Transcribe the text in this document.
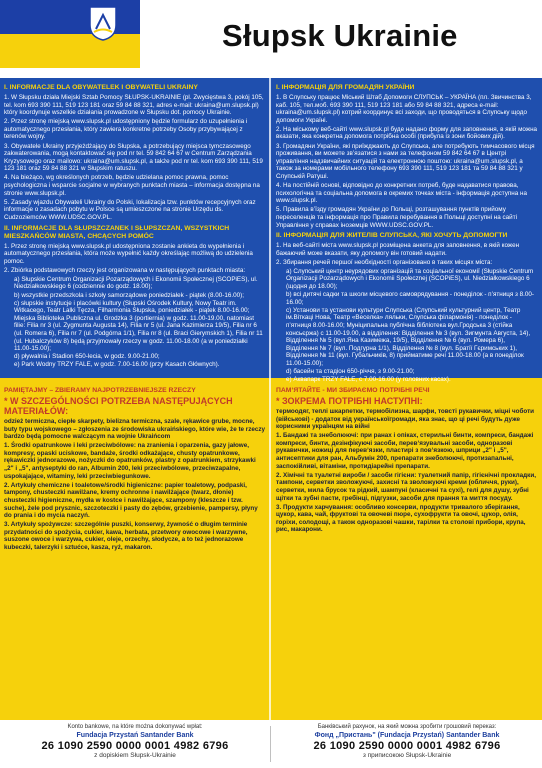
Słupsk Ukrainie
I. INFORMACJE DLA OBYWATELEK I OBYWATELI UKRAINY
1. W Słupsku działa Miejski Sztab Pomocy SŁUPSK-UKRAINIE (pl. Zwycięstwa 3, pokój 105, tel. kom 693 390 111, 519 123 181 oraz 59 84 88 321, adres e-mail: ukraina@um.slupsk.pl) który koordynuje wszelkie działania prowadzone w Słupsku dot. pomocy Ukrainie.
2. Przez stronę miejską www.slupsk.pl udostępniony będzie formularz do uzupełnienia i automatycznego przesłania, który zawiera konkretne potrzeby Osoby przybywającej z terenów wojny.
3. Obywatele Ukrainy przyjeżdżający do Słupska, a potrzebujący miejsca tymczasowego zakwaterowania, mogą kontaktować się pod nr tel. 59 842 64 67 w Centrum Zarządzania Kryzysowego oraz mailowo: ukraina@um.slupsk.pl, a także pod nr tel. kom 693 390 111, 519 123 181 oraz 59 84 88 321 w Słupskim ratuszu.
4. Na bieżąco, wg określonych potrzeb, będzie udzielana pomoc prawna, pomoc psychologiczna i wsparcie socjalne w wybranych punktach miasta – informacja dostępna na stronie www.slupsk.pl.
5. Zasady wjazdu Obywateli Ukrainy do Polski, lokalizacja tzw. punktów recepcyjnych oraz informacje o zasadach pobytu w Polsce są umieszczone na stronie Urzędu ds. Cudzoziemców WWW.UDSC.GOV.PL.
II. INFORMACJE DLA SŁUPSZCZANEK I SŁUPSZCZAN, WSZYSTKICH MIESZKAŃCÓW MIASTA, CHCĄCYCH POMÓC
1. Przez stronę miejską www.slupsk.pl udostępniona zostanie ankieta do wypełnienia i automatycznego przesłania, która może wypełnić każdy określając możliwą do udzielenia pomoc.
2. Zbiórka podstawowych rzeczy jest organizowana w następujących punktach miasta:
a) Słupskie Centrum Organizacji Pozarządowych i Ekonomii Społecznej (SCOPiES), ul. Niedziałkowskiego 6 (codziennie do godz. 18.00);
b) wszystkie przedszkola i szkoły samorządowe poniedziałek - piątek (8.00-16.00);
c) słupskie instytucje i placówki kultury (Słupski Ośrodek Kultury, Nowy Teatr im. Witkacego, Teatr Lalki Tęcza, Filharmonia Słupska, poniedziałek - piątek 8.00-16.00; Miejska Biblioteka Publiczna ul. Grodzka 3 (portiernia) w godz. 11.00-19.00, natomiast filie: Filia nr 3 (ul. Zygmunta Augusta 14), Filia nr 5 (ul. Jana Kazimierza 19/5), Filia nr 6 (ul. Romera 6), Filia nr 7 (ul. Podgórna 1/1), Filia nr 8 (ul. Braci Gierymskich 1), Filia nr 11 (ul. Hubalczyków 8) będą przyjmowały rzeczy w godz. 11.00-18.00 (a w poniedziałki 11.00-15.00);
d) pływalnia i Stadion 650-lecia, w godz. 9.00-21.00;
e) Park Wodny TRZY FALE, w godz. 7.00-16.00 (przy Kasach Głównych).
PAMIĘTAJMY – ZBIERAMY NAJPOTRZEBNIEJSZE RZECZY
* W SZCZEGÓLNOŚCI POTRZEBA NASTĘPUJĄCYCH MATERIAŁÓW:
odzież termiczna, ciepłe skarpety, bielizna termiczna, szale, rękawice grube, mocne, buty typu wojskowego – zgłoszenia ze środowiska ukraińskiego, które wie, że te rzeczy bardzo będą pomocne walczącym na wojnie Ukraińcom
1. Środki opatrunkowe i leki przeciwbólowe: na zranienia i oparzenia, gazy jałowe, kompresy, opaski uciskowe, bandaże, środki odkażające, chusty opatrunkowe, rękawiczki jednorazowe, nożyczki do opatrunków, plastry z opatrunkiem, strzykawki „2" i „5", antyseptyki do ran, Albumin 200, leki przeciwbólowe, przeciwzapalne, uspokajające, witaminy, leki przeciwbiegunkowe.
2. Artykuły chemiczne i toaletowe/środki higieniczne: papier toaletowy, podpaski, tampony, chusteczki nawilżane, kremy ochronne i nawilżające (twarz, dłonie) chusteczki higieniczne, mydła w kostce i nawilżające, szampony (kleszcze i tzw. suche), żele pod prysznic, szczoteczki i pasty do zębów, grzebienie, pampersy, płyny do prania i do mycia naczyń.
3. Artykuły spożywcze: szczególnie puszki, konserwy, żywność o długim terminie przydatności do spożycia, cukier, kawa, herbata, przetwory owocowe i warzywne, suszone owoce i warzywa, cukier, oleje, orzechy, słodycze, a to też jednorazowe kubeczki, talerzyki i sztućce, kasza, ryż, makaron.
I. ІНФОРМАЦІЯ ДЛЯ ГРОМАДЯН УКРАЇНИ
1. В Слупську працює Міський Штаб Допомоги СЛУПСЬК – УКРАЇНА (пл. Звичинства 3, каб. 105, тел.моб. 693 390 111, 519 123 181 або 59 84 88 321, адреса e-mail: ukraina@um.slupsk.pl) котрий координує всі заходи, що проводяться в Слупську щодо допомоги Україні.
2. На міському веб-сайті www.slupsk.pl буде надано форму для заповнення, в якій можна вказати, яка конкретна допомога потрібна особі (прибула із зони бойових дій).
3. Громадяни України, які приїжджають до Слупська, але потребують тимчасового місця проживання, ви можете звʼязатися з нами за телефоном 59 842 64 67 в Центрі управління надзвичайних ситуацій та електронною поштою: ukraina@um.slupsk.pl, а також за номерами мобільного телефону 693 390 111, 519 123 181 та 59 84 88 321 у Слупській Ратуші.
4. На постійній основі, відповідно до конкретних потреб, буде надаватися правова, психологічна та соціальна допомога в окремих точках міста - інформація доступна на www.slupsk.pl.
5. Правила вʼїзду громадян України до Польщі, розташування пунктів прийому переселенців та інформація про Правила перебування в Польщі доступні на сайті Управління у справах іноземців WWW.UDSC.GOV.PL.
II. ІНФОРМАЦІЯ ДЛЯ ЖИТЕЛІВ СЛУПСЬКА, ЯКІ ХОЧУТЬ ДОПОМОГТИ
1. На веб-сайті міста www.slupsk.pl розміщена анкета для заповнення, в якій кожен бажаючий може вказати, яку допомогу він готовий надати.
2. Збирання речей першої необхідності організовано в таких місцях міста:
a) Слупський центр неурядових організацій та соціальної економії (Słupskie Centrum Organizacji Pozarządowych i Ekonomii Społecznej (SCOPiES), ul. Niedziałkowskiego 6 (щодня до 18.00);
b) всі дитячі садки та школи місцевого самоврядування - понеділок - пʼятниця з 8.00-16.00;
c) Установи та установи культури Слупська (Слупський культурний центр, Театр ім.Віткаці Нова, Театр «Веселка» ляльки, Слупська філармонія) - понеділок - пʼятниця 8.00-16.00; Муніципальна публічна бібліотека вул.Гродська 3 (стійка консьєржа) с 11.00-19.00, а відділення: Відділення № 3 (вул. Зигмунта Августа, 14), Відділення № 5 (вул.Яна Казимежа, 19/5), Відділення № 6 (вул. Ромера 6), Відділення № 7 (вул. Подгурна 1/1), Відділення № 8 (вул. Братії Гєримських 1), Відділення № 11 (вул. Губальчиків, 8) прийматиме речі 11.00-18.00 (а в понеділок 11.00-15.00);
d) басейн та стадіон 650-річчя, з 9.00-21.00;
e) Аквапарк TRZY FALE, с 7.00-16.00 (у головних касах).
ПАМʼЯТАЙТЕ - МИ ЗБИРАЄМО ПОТРІБНІ РЕЧІ
* ЗОКРЕМА ПОТРІБНІ НАСТУПНІ:
термоодяг, теплі шкарпетки, термобілизна, шарфи, товсті рукавички, міцні чоботи (військові) - додаток від українськоїгромади, яка знає, що ці речі будуть дуже корисними українцям на війні
1. Бандажі та знеболюючі: при ранах і опіках, стерильні бинти, компреси, бандажі компреси, бинти, дезінфікуючі засоби, перевʼязувальні засоби, одноразові рукавички, ножиці для перевʼязки, пластирі з повʼязкою, шприци „2" і „5", антисептики для ран, Альбумін 200, препарати знеболюючі, протизапальні, заспокійливі, вітаміни, протидіарейні препарати.
2. Хімічні та туалетні вироби / засоби гігієни: туалетний папір, гігієнічні прокладки, тампони, серветки зволожуючі, захисні та зволожуючі креми (обличчя, руки), серветки, мила брусок та рідкий, шампуні (класичні та сухі), гелі для душу, зубні щітки та зубні пасти, гребінці, підгузки, засоби для прання та миття посуду.
3. Продукти харчування: особливо консерви, продукти тривалого зберігання, цукор, кава, чай, фруктові та овочеві пюре, сухофрукти та овочі, цукор, олія, горіхи, солодощі, а також одноразові чашки, тарілки та столові прибори, крупа, рис, макарони.
Konto bankowe, na które można dokonywać wpłat:
Fundacja Przystań Santander Bank
26 1090 2590 0000 0001 4982 6796
z dopiskiem Słupsk-Ukrainie
Банківський рахунок, на який можна зробити грошовий переказ:
Фонд „Пристань" (Fundacja Przystań) Santander Bank
26 1090 2590 0000 0001 4982 6796
з приписокою Słupsk-Ukrainie
